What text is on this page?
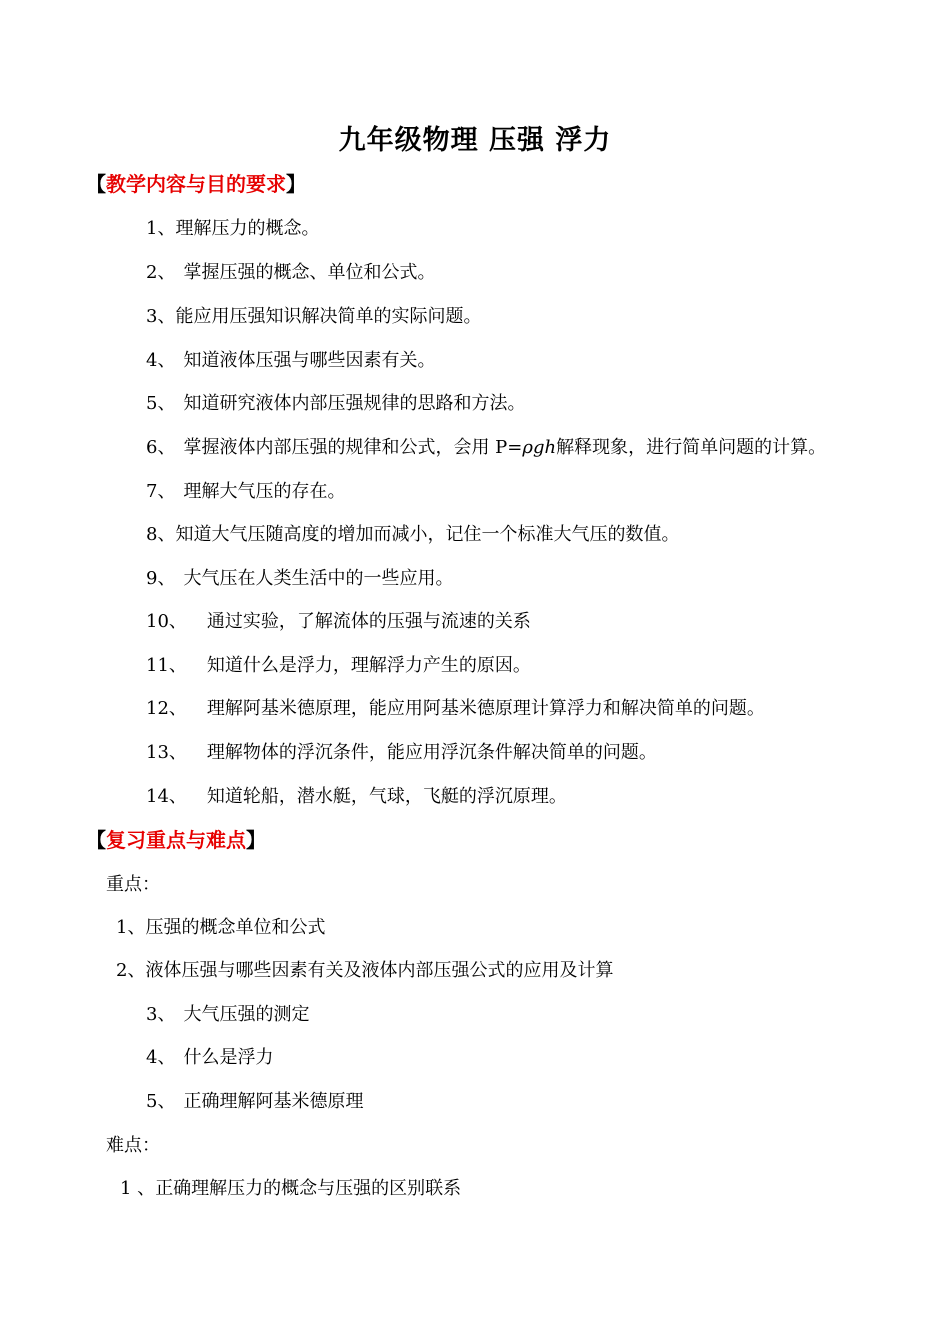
九年级物理 压强 浮力
【教学内容与目的要求】

1、理解压力的概念。

2、 掌握压强的概念、单位和公式。

3、能应用压强知识解决简单的实际问题。

4、 知道液体压强与哪些因素有关。

5、 知道研究液体内部压强规律的思路和方法。

6、 掌握液体内部压强的规律和公式，会用 P=ρgh解释现象，进行简单问题的计算。

7、 理解大气压的存在。

8、知道大气压随高度的增加而减小，记住一个标准大气压的数值。

9、 大气压在人类生活中的一些应用。

10、 通过实验，了解流体的压强与流速的关系

11、 知道什么是浮力，理解浮力产生的原因。

12、 理解阿基米德原理，能应用阿基米德原理计算浮力和解决简单的问题。

13、 理解物体的浮沉条件，能应用浮沉条件解决简单的问题。

14、 知道轮船，潜水艇，气球，飞艇的浮沉原理。

【复习重点与难点】

重点：

1、压强的概念单位和公式

2、液体压强与哪些因素有关及液体内部压强公式的应用及计算

3、 大气压强的测定

4、 什么是浮力

5、 正确理解阿基米德原理

难点：

1 、正确理解压力的概念与压强的区别联系
